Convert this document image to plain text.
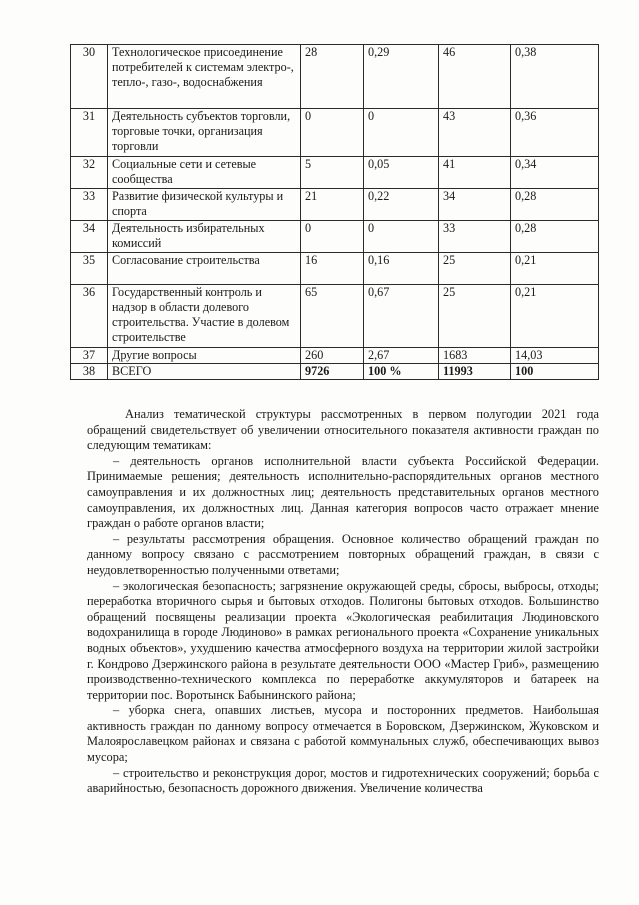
30	Технологическое присоединение потребителей к системам электро-, тепло-, газо-, водоснабжения	28	0,29	46	0,38
31	Деятельность субъектов торговли, торговые точки, организация торговли	0	0	43	0,36
32	Социальные сети и сетевые сообщества	5	0,05	41	0,34
33	Развитие физической культуры и спорта	21	0,22	34	0,28
34	Деятельность избирательных комиссий	0	0	33	0,28
35	Согласование строительства	16	0,16	25	0,21
36	Государственный контроль и надзор в области долевого строительства. Участие в долевом строительстве	65	0,67	25	0,21
37	Другие вопросы	260	2,67	1683	14,03
38	ВСЕГО	9726	100 %	11993	100

Анализ тематической структуры рассмотренных в первом полугодии 2021 года обращений свидетельствует об увеличении относительного показателя активности граждан по следующим тематикам:

– деятельность органов исполнительной власти субъекта Российской Федерации. Принимаемые решения; деятельность исполнительно-распорядительных органов местного самоуправления и их должностных лиц; деятельность представительных органов местного самоуправления, их должностных лиц. Данная категория вопросов часто отражает мнение граждан о работе органов власти;

– результаты рассмотрения обращения. Основное количество обращений граждан по данному вопросу связано с рассмотрением повторных обращений граждан, в связи с неудовлетворенностью полученными ответами;

– экологическая безопасность; загрязнение окружающей среды, сбросы, выбросы, отходы; переработка вторичного сырья и бытовых отходов. Полигоны бытовых отходов. Большинство обращений посвящены реализации проекта «Экологическая реабилитация Людиновского водохранилища в городе Людиново» в рамках регионального проекта «Сохранение уникальных водных объектов», ухудшению качества атмосферного воздуха на территории жилой застройки г. Кондрово Дзержинского района в результате деятельности ООО «Мастер Гриб», размещению производственно-технического комплекса по переработке аккумуляторов и батареек на территории пос. Воротынск Бабынинского района;

– уборка снега, опавших листьев, мусора и посторонних предметов. Наибольшая активность граждан по данному вопросу отмечается в Боровском, Дзержинском, Жуковском и Малоярославецком районах и связана с работой коммунальных служб, обеспечивающих вывоз мусора;

– строительство и реконструкция дорог, мостов и гидротехнических сооружений; борьба с аварийностью, безопасность дорожного движения. Увеличение количества
